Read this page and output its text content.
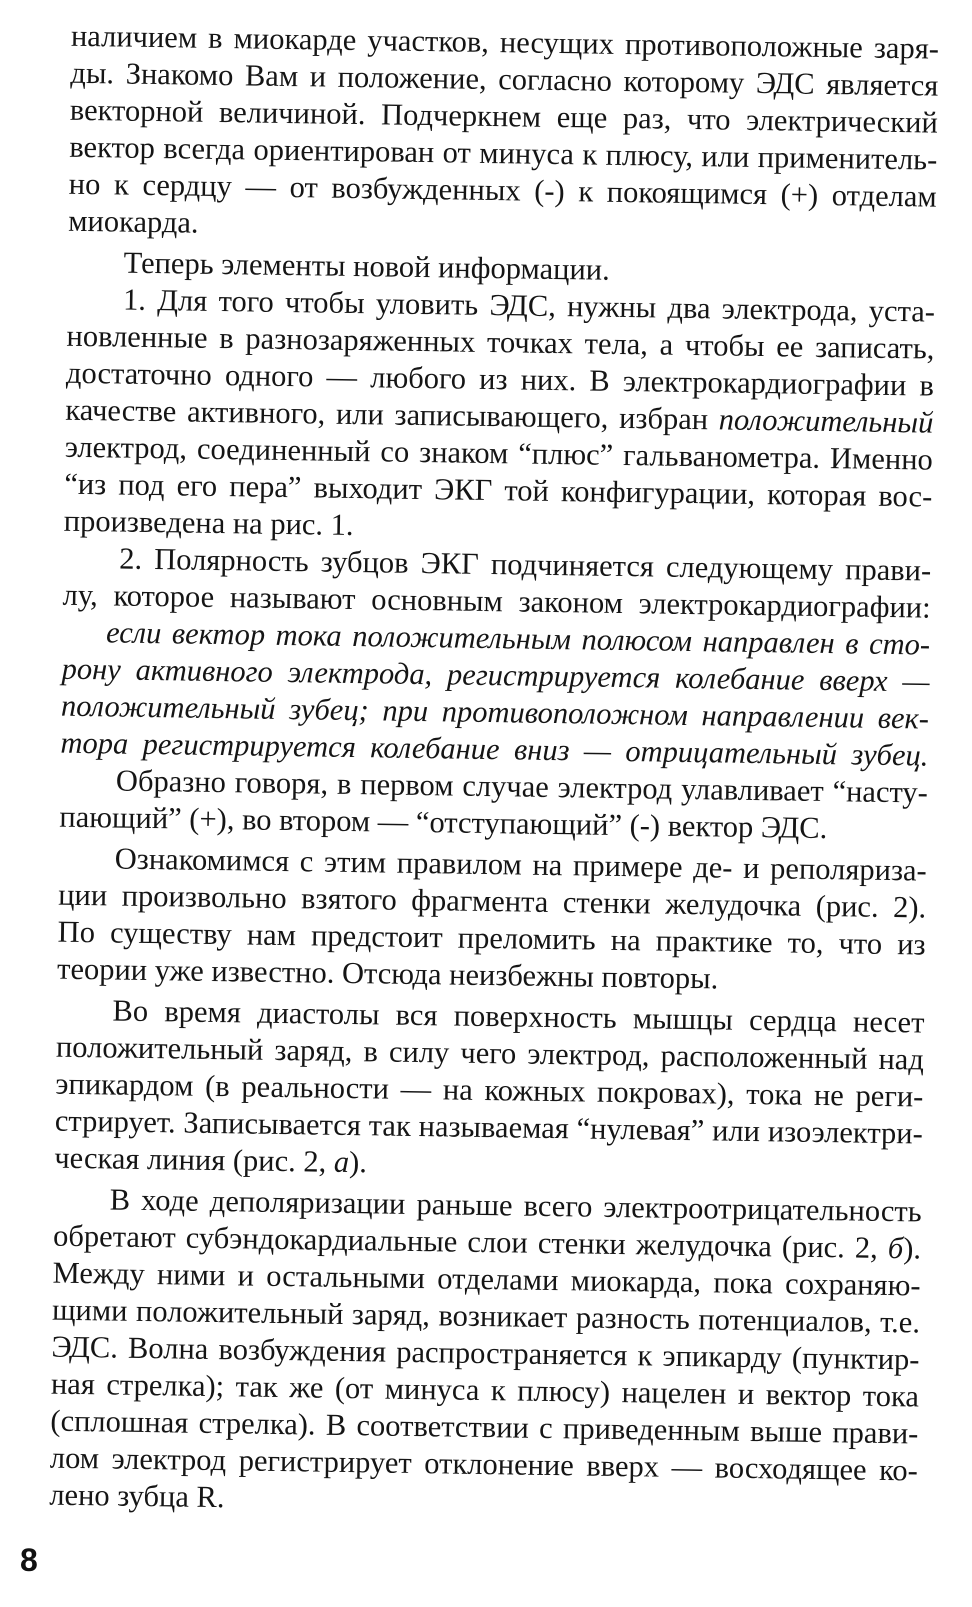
наличием в миокарде участков, несущих противоположные заря-
ды. Знакомо Вам и положение, согласно которому ЭДС является
векторной величиной. Подчеркнем еще раз, что электрический
вектор всегда ориентирован от минуса к плюсу, или применитель-
но к сердцу — от возбужденных (-) к покоящимся (+) отделам
миокарда.
Теперь элементы новой информации.
1. Для того чтобы уловить ЭДС, нужны два электрода, уста-
новленные в разнозаряженных точках тела, а чтобы ее записать,
достаточно одного — любого из них. В электрокардиографии в
качестве активного, или записывающего, избран положительный
электрод, соединенный со знаком “плюс” гальванометра. Именно
“из под его пера” выходит ЭКГ той конфигурации, которая вос-
произведена на рис. 1.
2. Полярность зубцов ЭКГ подчиняется следующему прави-
лу, которое называют основным законом электрокардиографии:
если вектор тока положительным полюсом направлен в сто-
рону активного электрода, регистрируется колебание вверх —
положительный зубец; при противоположном направлении век-
тора регистрируется колебание вниз — отрицательный зубец.
Образно говоря, в первом случае электрод улавливает “насту-
пающий” (+), во втором — “отступающий” (-) вектор ЭДС.
Ознакомимся с этим правилом на примере де- и реполяриза-
ции произвольно взятого фрагмента стенки желудочка (рис. 2).
По существу нам предстоит преломить на практике то, что из
теории уже известно. Отсюда неизбежны повторы.
Во время диастолы вся поверхность мышцы сердца несет
положительный заряд, в силу чего электрод, расположенный над
эпикардом (в реальности — на кожных покровах), тока не реги-
стрирует. Записывается так называемая “нулевая” или изоэлектри-
ческая линия (рис. 2, а).
В ходе деполяризации раньше всего электроотрицательность
обретают субэндокардиальные слои стенки желудочка (рис. 2, б).
Между ними и остальными отделами миокарда, пока сохраняю-
щими положительный заряд, возникает разность потенциалов, т.е.
ЭДС. Волна возбуждения распространяется к эпикарду (пунктир-
ная стрелка); так же (от минуса к плюсу) нацелен и вектор тока
(сплошная стрелка). В соответствии с приведенным выше прави-
лом электрод регистрирует отклонение вверх — восходящее ко-
лено зубца R.
8
